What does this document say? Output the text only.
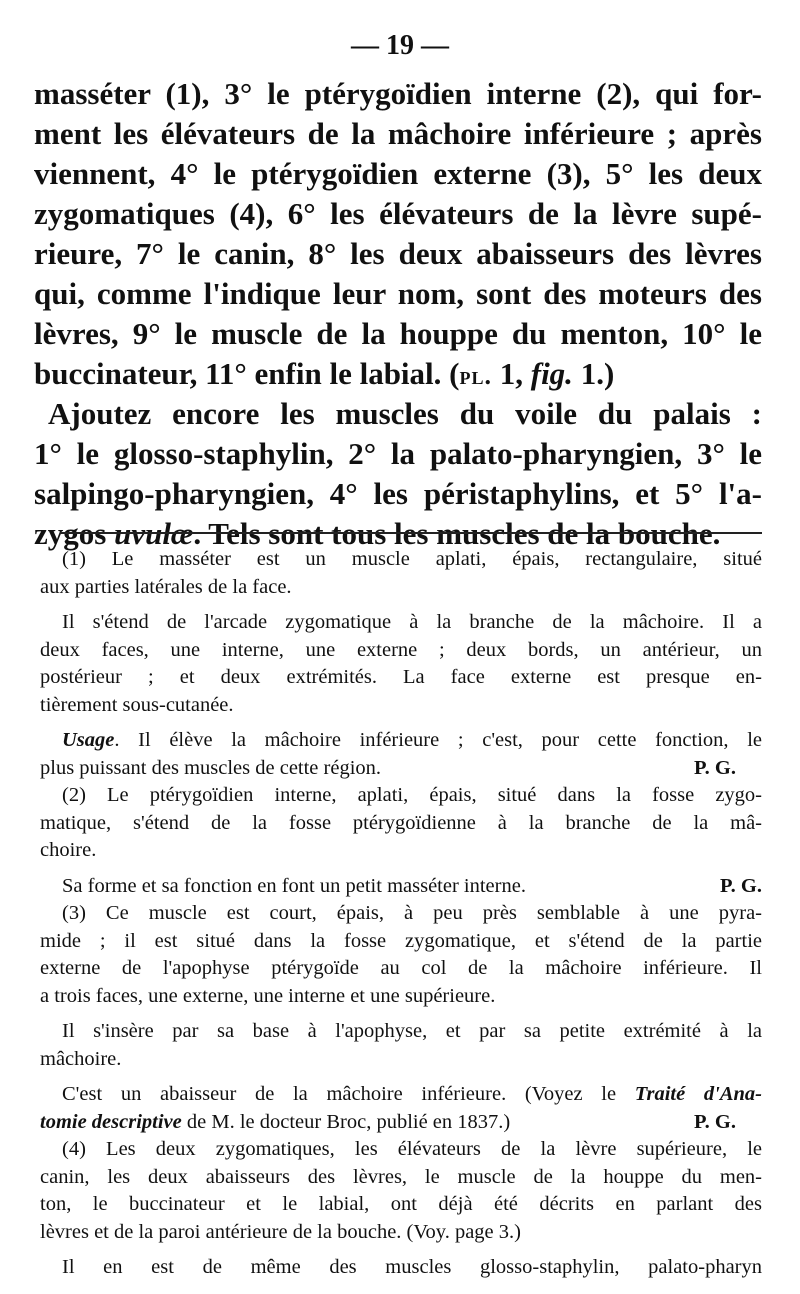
— 19 —
masséter (1), 3° le ptérygoïdien interne (2), qui for-
ment les élévateurs de la mâchoire inférieure ; après
viennent, 4° le ptérygoïdien externe (3), 5° les deux
zygomatiques (4), 6° les élévateurs de la lèvre supé-
rieure, 7° le canin, 8° les deux abaisseurs des lèvres
qui, comme l'indique leur nom, sont des moteurs des
lèvres, 9° le muscle de la houppe du menton, 10° le
buccinateur, 11° enfin le labial. (pl. 1, fig. 1.)
Ajoutez encore les muscles du voile du palais :
1° le glosso-staphylin, 2° la palato-pharyngien, 3° le
salpingo-pharyngien, 4° les péristaphylins, et 5° l'a-
zygos uvulæ. Tels sont tous les muscles de la bouche.
(1) Le masséter est un muscle aplati, épais, rectangulaire, situé
aux parties latérales de la face.
Il s'étend de l'arcade zygomatique à la branche de la mâchoire. Il a
deux faces, une interne, une externe ; deux bords, un antérieur, un
postérieur ; et deux extrémités. La face externe est presque en-
tièrement sous-cutanée.
Usage. Il élève la mâchoire inférieure ; c'est, pour cette fonction, le
plus puissant des muscles de cette région.	P. G.
(2) Le ptérygoïdien interne, aplati, épais, situé dans la fosse zygo-
matique, s'étend de la fosse ptérygoïdienne à la branche de la mâ-
choire.
Sa forme et sa fonction en font un petit masséter interne.	P. G.
(3) Ce muscle est court, épais, à peu près semblable à une pyra-
mide ; il est situé dans la fosse zygomatique, et s'étend de la partie
externe de l'apophyse ptérygoïde au col de la mâchoire inférieure. Il
a trois faces, une externe, une interne et une supérieure.
Il s'insère par sa base à l'apophyse, et par sa petite extrémité à la
mâchoire.
C'est un abaisseur de la mâchoire inférieure. (Voyez le Traité d'Ana-
tomie descriptive de M. le docteur Broc, publié en 1837.)	P. G.
(4) Les deux zygomatiques, les élévateurs de la lèvre supérieure, le
canin, les deux abaisseurs des lèvres, le muscle de la houppe du men-
ton, le buccinateur et le labial, ont déjà été décrits en parlant des
lèvres et de la paroi antérieure de la bouche. (Voy. page 3.)
Il en est de même des muscles glosso-staphylin, palato-pharyn
